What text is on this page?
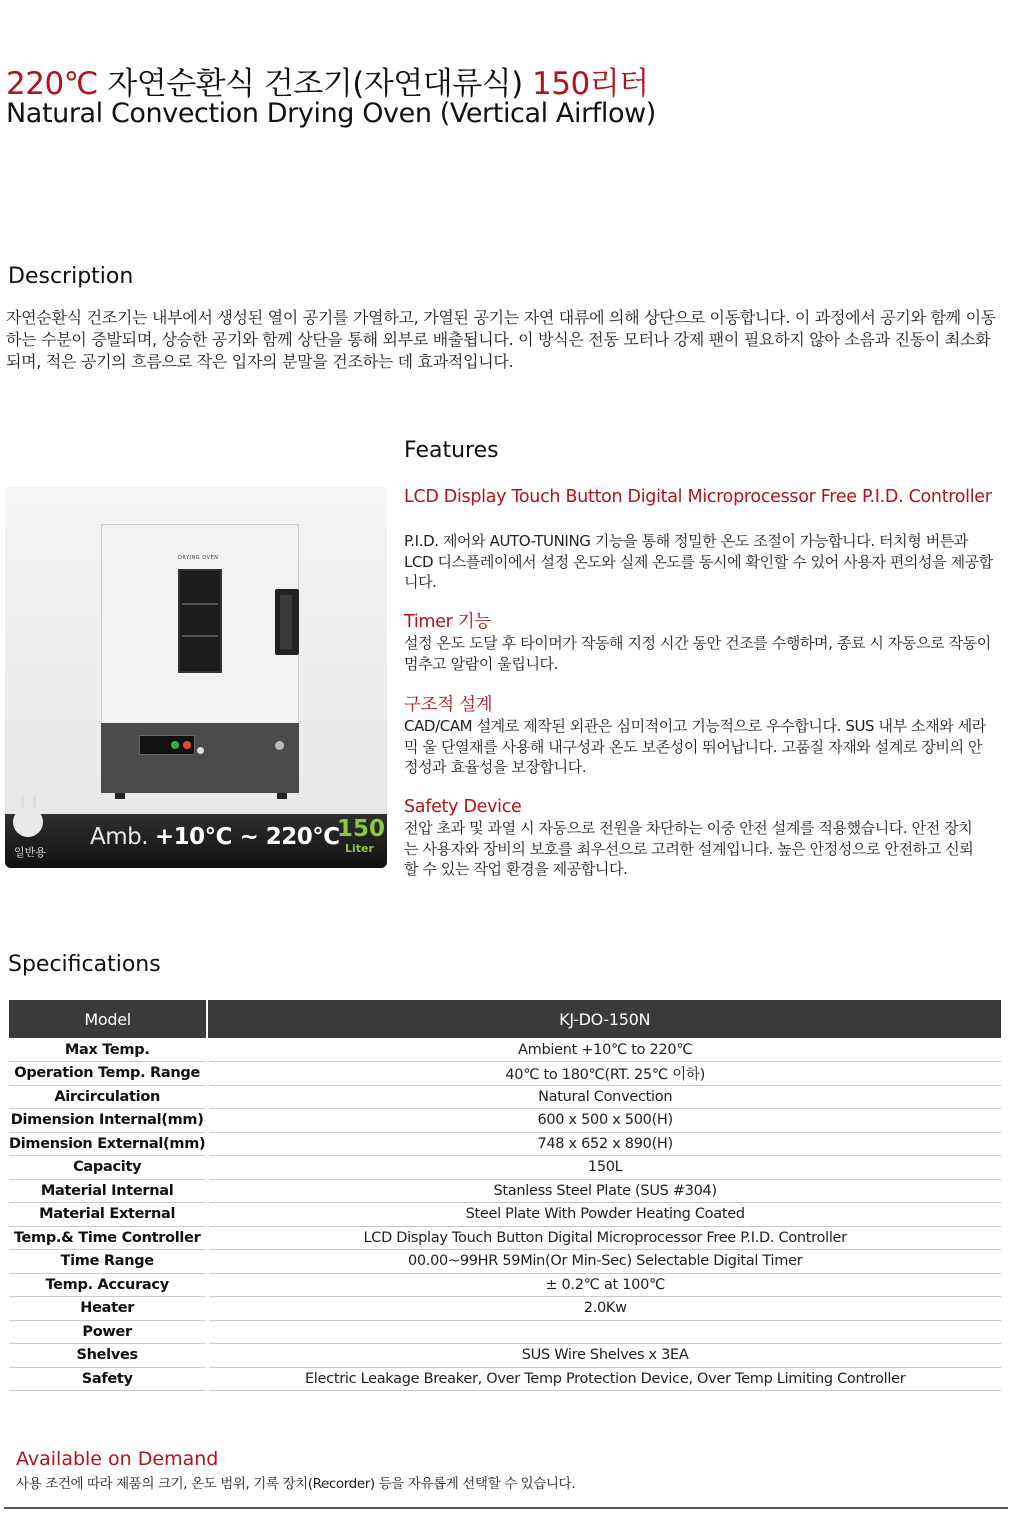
220℃ 자연순환식 건조기(자연대류식) 150리터
Natural Convection Drying Oven (Vertical Airflow)
Description
자연순환식 건조기는 내부에서 생성된 열이 공기를 가열하고, 가열된 공기는 자연 대류에 의해 상단으로 이동합니다. 이 과정에서 공기와 함께 이동하는 수분이 증발되며, 상승한 공기와 함께 상단을 통해 외부로 배출됩니다. 이 방식은 전동 모터나 강제 팬이 필요하지 않아 소음과 진동이 최소화되며, 적은 공기의 흐름으로 작은 입자의 분말을 건조하는 데 효과적입니다.
DRYING OVEN
Amb. +10℃ ~ 220℃
150
Liter
일반용
Features
LCD Display Touch Button Digital Microprocessor Free P.I.D. Controller
P.I.D. 제어와 AUTO-TUNING 기능을 통해 정밀한 온도 조절이 가능합니다. 터치형 버튼과 LCD 디스플레이에서 설정 온도와 실제 온도를 동시에 확인할 수 있어 사용자 편의성을 제공합니다.
Timer 기능
설정 온도 도달 후 타이머가 작동해 지정 시간 동안 건조를 수행하며, 종료 시 자동으로 작동이 멈추고 알람이 울립니다.
구조적 설계
CAD/CAM 설계로 제작된 외관은 심미적이고 기능적으로 우수합니다. SUS 내부 소재와 세라믹 울 단열재를 사용해 내구성과 온도 보존성이 뛰어납니다. 고품질 자재와 설계로 장비의 안정성과 효율성을 보장합니다.
Safety Device
전압 초과 및 과열 시 자동으로 전원을 차단하는 이중 안전 설계를 적용했습니다. 안전 장치는 사용자와 장비의 보호를 최우선으로 고려한 설계입니다. 높은 안정성으로 안전하고 신뢰할 수 있는 작업 환경을 제공합니다.
Specifications
Model	KJ-DO-150N
Max Temp.	Ambient +10℃ to 220℃
Operation Temp. Range	40℃ to 180℃(RT. 25℃ 이하)
Aircirculation	Natural Convection
Dimension Internal(mm)	600 x 500 x 500(H)
Dimension External(mm)	748 x 652 x 890(H)
Capacity	150L
Material Internal	Stanless Steel Plate (SUS #304)
Material External	Steel Plate With Powder Heating Coated
Temp.& Time Controller	LCD Display Touch Button Digital Microprocessor Free P.I.D. Controller
Time Range	00.00~99HR 59Min(Or Min-Sec) Selectable Digital Timer
Temp. Accuracy	± 0.2℃ at 100℃
Heater	2.0Kw
Power	
Shelves	SUS Wire Shelves x 3EA
Safety	Electric Leakage Breaker, Over Temp Protection Device, Over Temp Limiting Controller
Available on Demand
사용 조건에 따라 제품의 크기, 온도 범위, 기록 장치(Recorder) 등을 자유롭게 선택할 수 있습니다.
